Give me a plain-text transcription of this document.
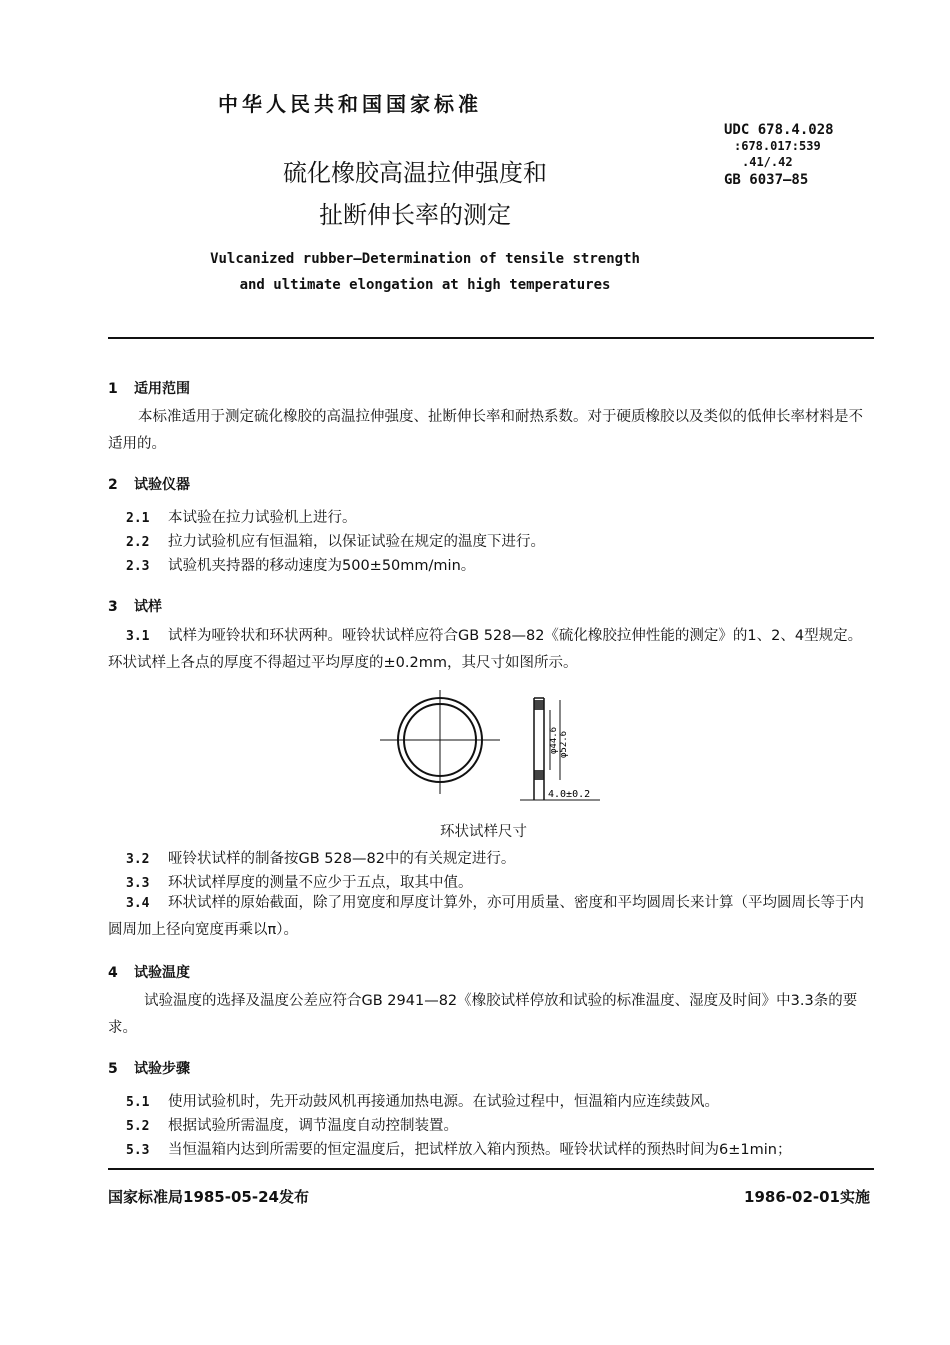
中华人民共和国国家标准
UDC 678.4.028
:678.017:539
.41/.42
GB 6037—85
硫化橡胶高温拉伸强度和
扯断伸长率的测定
Vulcanized rubber—Determination of tensile strength
and ultimate elongation at high temperatures
1 适用范围
本标准适用于测定硫化橡胶的高温拉伸强度、扯断伸长率和耐热系数。对于硬质橡胶以及类似的低伸长率材料是不适用的。
2 试验仪器
2.1 本试验在拉力试验机上进行。
2.2 拉力试验机应有恒温箱，以保证试验在规定的温度下进行。
2.3 试验机夹持器的移动速度为500±50mm/min。
3 试样
3.1 试样为哑铃状和环状两种。哑铃状试样应符合GB 528—82《硫化橡胶拉伸性能的测定》的1、2、4型规定。环状试样上各点的厚度不得超过平均厚度的±0.2mm，其尺寸如图所示。
φ44.6 φ52.6
4.0±0.2
环状试样尺寸
3.2 哑铃状试样的制备按GB 528—82中的有关规定进行。
3.3 环状试样厚度的测量不应少于五点，取其中值。
3.4 环状试样的原始截面，除了用宽度和厚度计算外，亦可用质量、密度和平均圆周长来计算（平均圆周长等于内圆周加上径向宽度再乘以π）。
4 试验温度
试验温度的选择及温度公差应符合GB 2941—82《橡胶试样停放和试验的标准温度、湿度及时间》中3.3条的要求。
5 试验步骤
5.1 使用试验机时，先开动鼓风机再接通加热电源。在试验过程中，恒温箱内应连续鼓风。
5.2 根据试验所需温度，调节温度自动控制装置。
5.3 当恒温箱内达到所需要的恒定温度后，把试样放入箱内预热。哑铃状试样的预热时间为6±1min；
国家标准局1985-05-24发布	1986-02-01实施
